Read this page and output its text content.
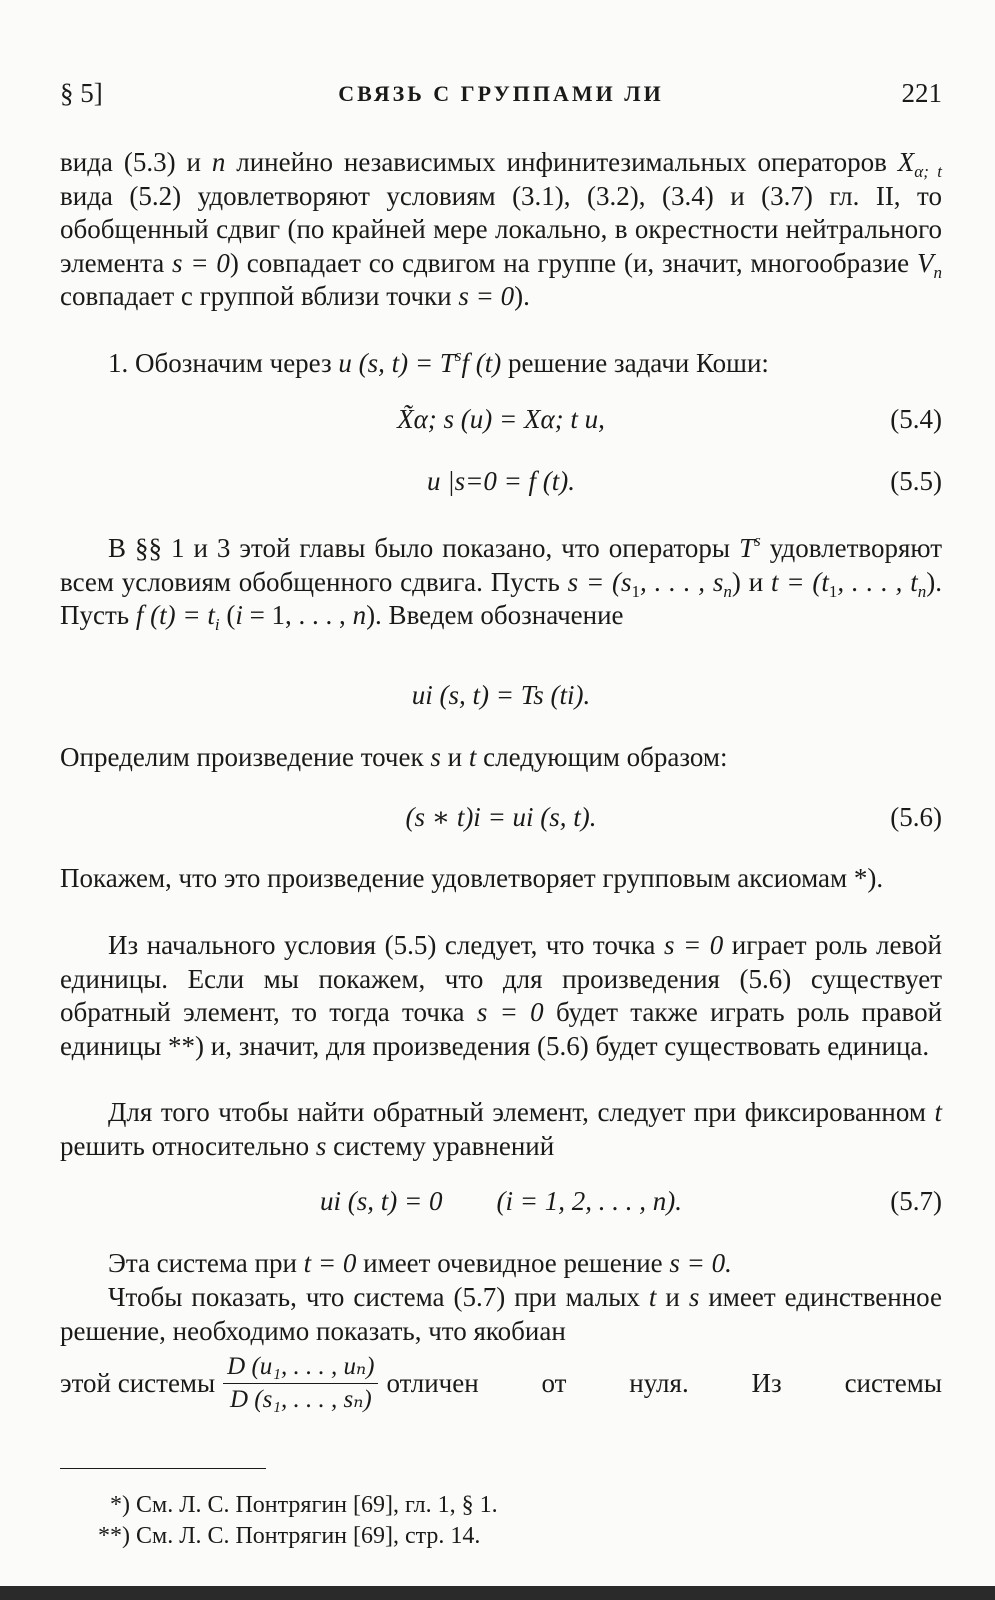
§ 5]	СВЯЗЬ С ГРУППАМИ ЛИ	221

вида (5.3) и n линейно независимых инфинитезимальных операторов $X_{\alpha; t}$ вида (5.2) удовлетворяют условиям (3.1), (3.2), (3.4) и (3.7) гл. II, то обобщенный сдвиг (по крайней мере локально, в окрестности нейтрального элемента s = 0) совпадает со сдвигом на группе (и, значит, многообразие $V_n$ совпадает с группой вблизи точки s = 0).

1. Обозначим через u (s, $t) = T^sf$ (t) решение задачи Коши:

X̃α; s (u) = Xα; t u,	(5.4)
u |s=0 = f (t).	(5.5)

В §§ 1 и 3 этой главы было показано, что операторы $T^s$ удовлетворяют всем условиям обобщенного сдвига. Пусть $s = (s_1$, . . . , $s_n$) и $t = (t_1$, . . . , $t_n$). Пусть f $(t) = t_i$ (i = 1, . . . , n). Введем обозначение

ui (s, t) = Ts (ti).

Определим произведение точек s и t следующим образом:

(s ∗ t)i = ui (s, t).	(5.6)

Покажем, что это произведение удовлетворяет групповым аксиомам *).

Из начального условия (5.5) следует, что точка s = 0 играет роль левой единицы. Если мы покажем, что для произведения (5.6) существует обратный элемент, то тогда точка s = 0 будет также играть роль правой единицы **) и, значит, для произведения (5.6) будет существовать единица.

Для того чтобы найти обратный элемент, следует при фиксированном t решить относительно s систему уравнений

ui (s, t) = 0        (i = 1, 2, . . . , n).	(5.7)

Эта система при t = 0 имеет очевидное решение s = 0.

Чтобы показать, что система (5.7) при малых t и s имеет единственное решение, необходимо показать, что якобиан

этой системы $\frac{\text{D (u₁, . . . , uₙ)}}{\text{D (s₁, . . . , sₙ)}}$ отличен от нуля. Из системы
*) См. Л. С. Понтрягин [69], гл. 1, § 1.
**) См. Л. С. Понтрягин [69], стр. 14.
